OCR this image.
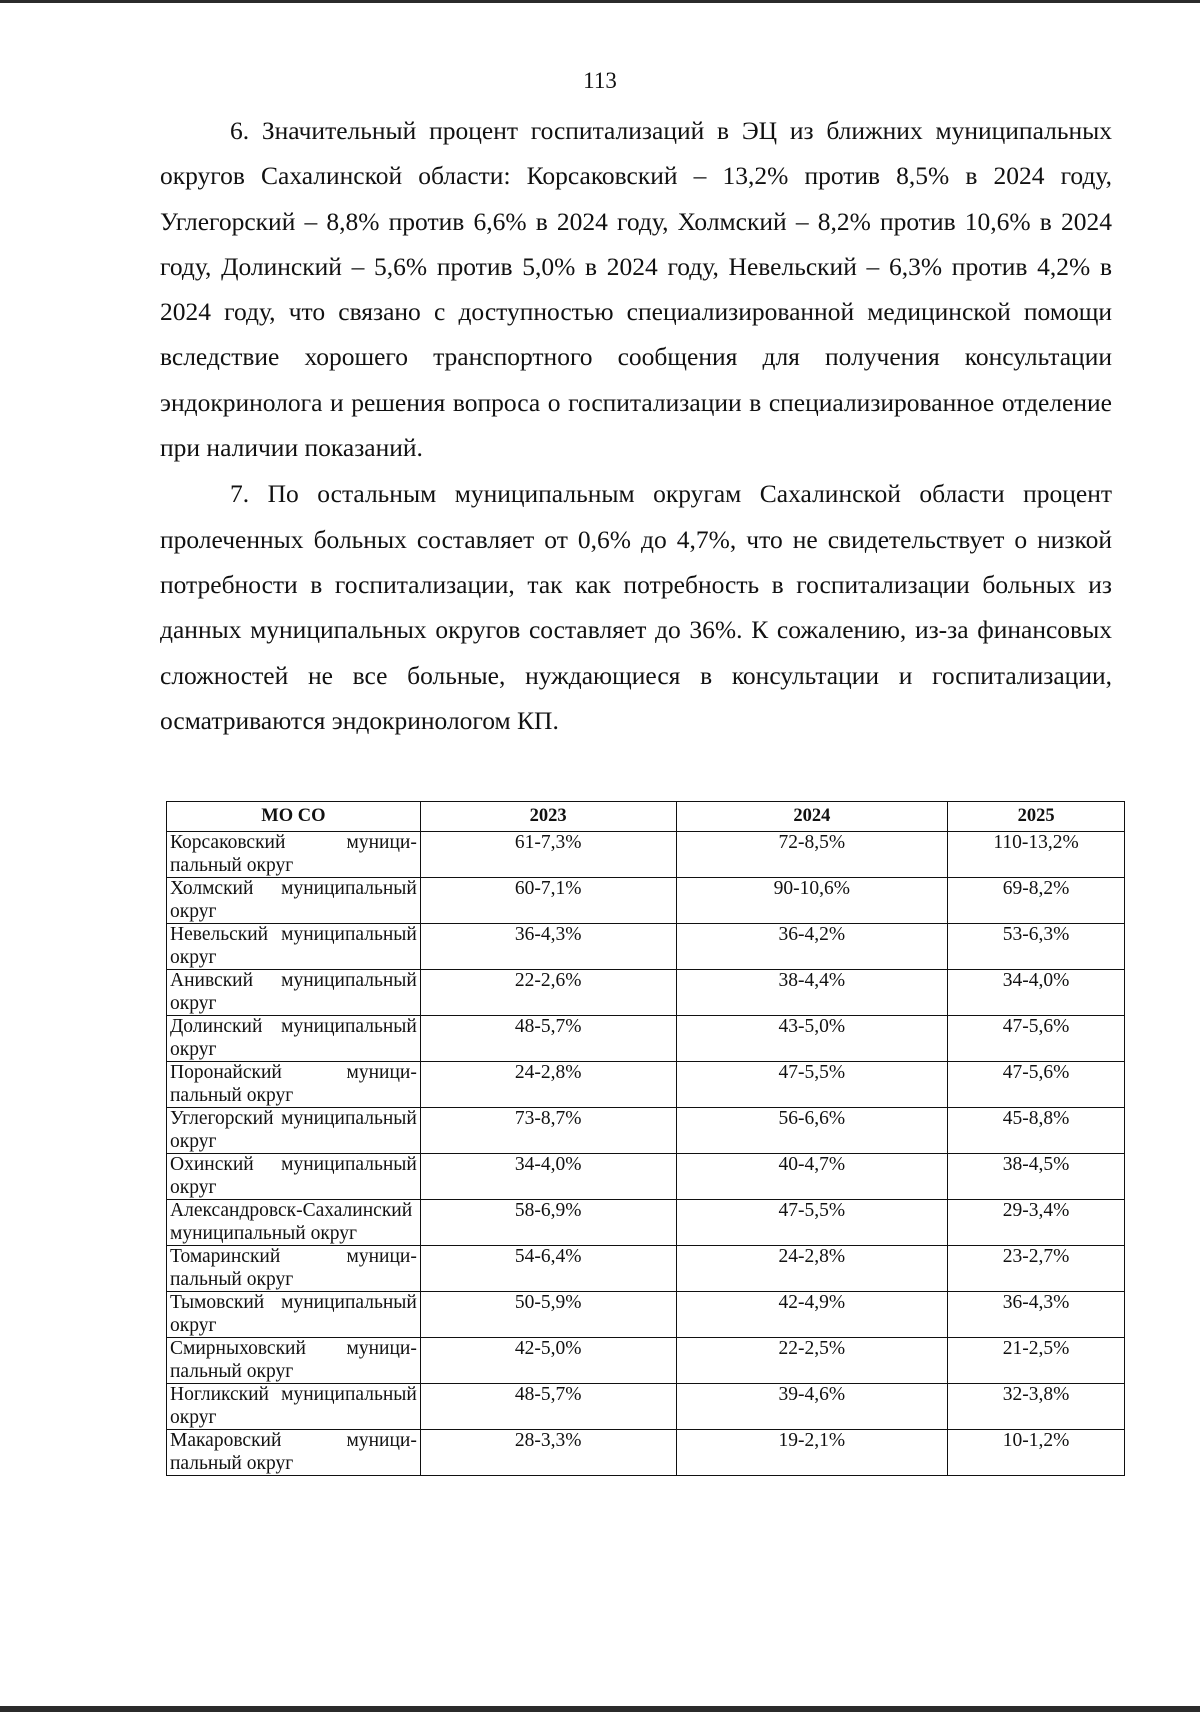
113

6. Значительный процент госпитализаций в ЭЦ из ближних муниципальных округов Сахалинской области: Корсаковский – 13,2% против 8,5% в 2024 году, Углегорский – 8,8% против 6,6% в 2024 году, Холмский – 8,2% против 10,6% в 2024 году, Долинский – 5,6% против 5,0% в 2024 году, Невельский – 6,3% против 4,2% в 2024 году, что связано с доступностью специализированной медицинской помощи вследствие хорошего транспортного сообщения для получения консультации эндокринолога и решения вопроса о госпитализации в специализированное отделение при наличии показаний.

7. По остальным муниципальным округам Сахалинской области процент пролеченных больных составляет от 0,6% до 4,7%, что не свидетельствует о низкой потребности в госпитализации, так как потребность в госпитализации больных из данных муниципальных округов составляет до 36%. К сожалению, из-за финансовых сложностей не все больные, нуждающиеся в консультации и госпитализации, осматриваются эндокринологом КП.

МО СО	2023	2024	2025
Корсаковский муниципальный округ	61-7,3%	72-8,5%	110-13,2%
Холмский муниципальный округ	60-7,1%	90-10,6%	69-8,2%
Невельский муниципальный округ	36-4,3%	36-4,2%	53-6,3%
Анивский муниципальный округ	22-2,6%	38-4,4%	34-4,0%
Долинский муниципальный округ	48-5,7%	43-5,0%	47-5,6%
Поронайский муниципальный округ	24-2,8%	47-5,5%	47-5,6%
Углегорский муниципальный округ	73-8,7%	56-6,6%	45-8,8%
Охинский муниципальный округ	34-4,0%	40-4,7%	38-4,5%
Александровск-Сахалинский муниципальный округ	58-6,9%	47-5,5%	29-3,4%
Томаринский муниципальный округ	54-6,4%	24-2,8%	23-2,7%
Тымовский муниципальный округ	50-5,9%	42-4,9%	36-4,3%
Смирныховский муниципальный округ	42-5,0%	22-2,5%	21-2,5%
Ногликский муниципальный округ	48-5,7%	39-4,6%	32-3,8%
Макаровский муниципальный округ	28-3,3%	19-2,1%	10-1,2%
